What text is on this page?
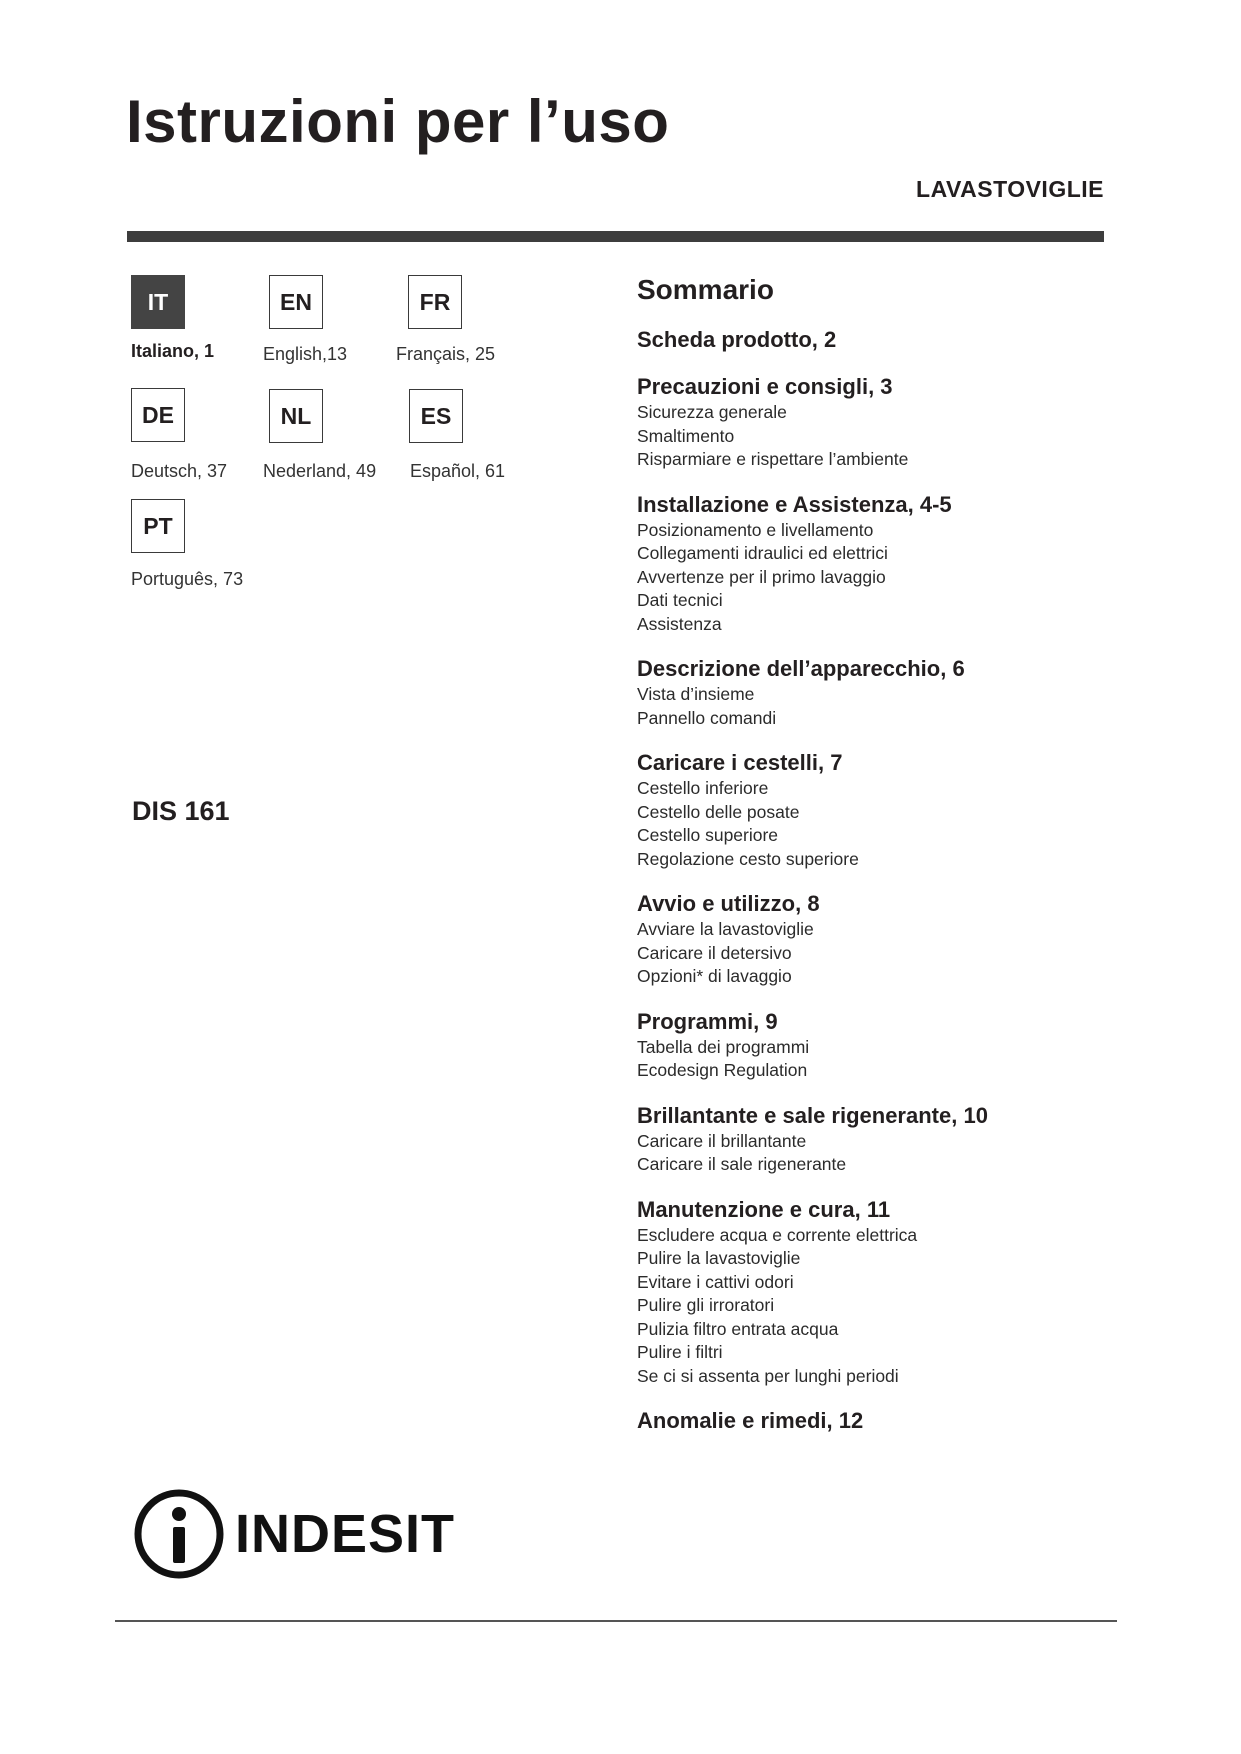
Istruzioni per l’uso
LAVASTOVIGLIE
IT	EN	FR
Italiano, 1	English,13	Français, 25
DE	NL	ES
Deutsch, 37 Nederland, 49 Español, 61
PT
Português, 73
DIS 161
Sommario
Scheda prodotto, 2
Precauzioni e consigli, 3
Sicurezza generale
Smaltimento
Risparmiare e rispettare l’ambiente
Installazione e Assistenza, 4-5
Posizionamento e livellamento
Collegamenti idraulici ed elettrici
Avvertenze per il primo lavaggio
Dati tecnici
Assistenza
Descrizione dell’apparecchio, 6
Vista d’insieme
Pannello comandi
Caricare i cestelli, 7
Cestello inferiore
Cestello delle posate
Cestello superiore
Regolazione cesto superiore
Avvio e utilizzo, 8
Avviare la lavastoviglie
Caricare il detersivo
Opzioni* di lavaggio
Programmi, 9
Tabella dei programmi
Ecodesign Regulation
Brillantante e sale rigenerante, 10
Caricare il brillantante
Caricare il sale rigenerante
Manutenzione e cura, 11
Escludere acqua e corrente elettrica
Pulire la lavastoviglie
Evitare i cattivi odori
Pulire gli irroratori
Pulizia filtro entrata acqua
Pulire i filtri
Se ci si assenta per lunghi periodi
Anomalie e rimedi, 12
INDESIT
